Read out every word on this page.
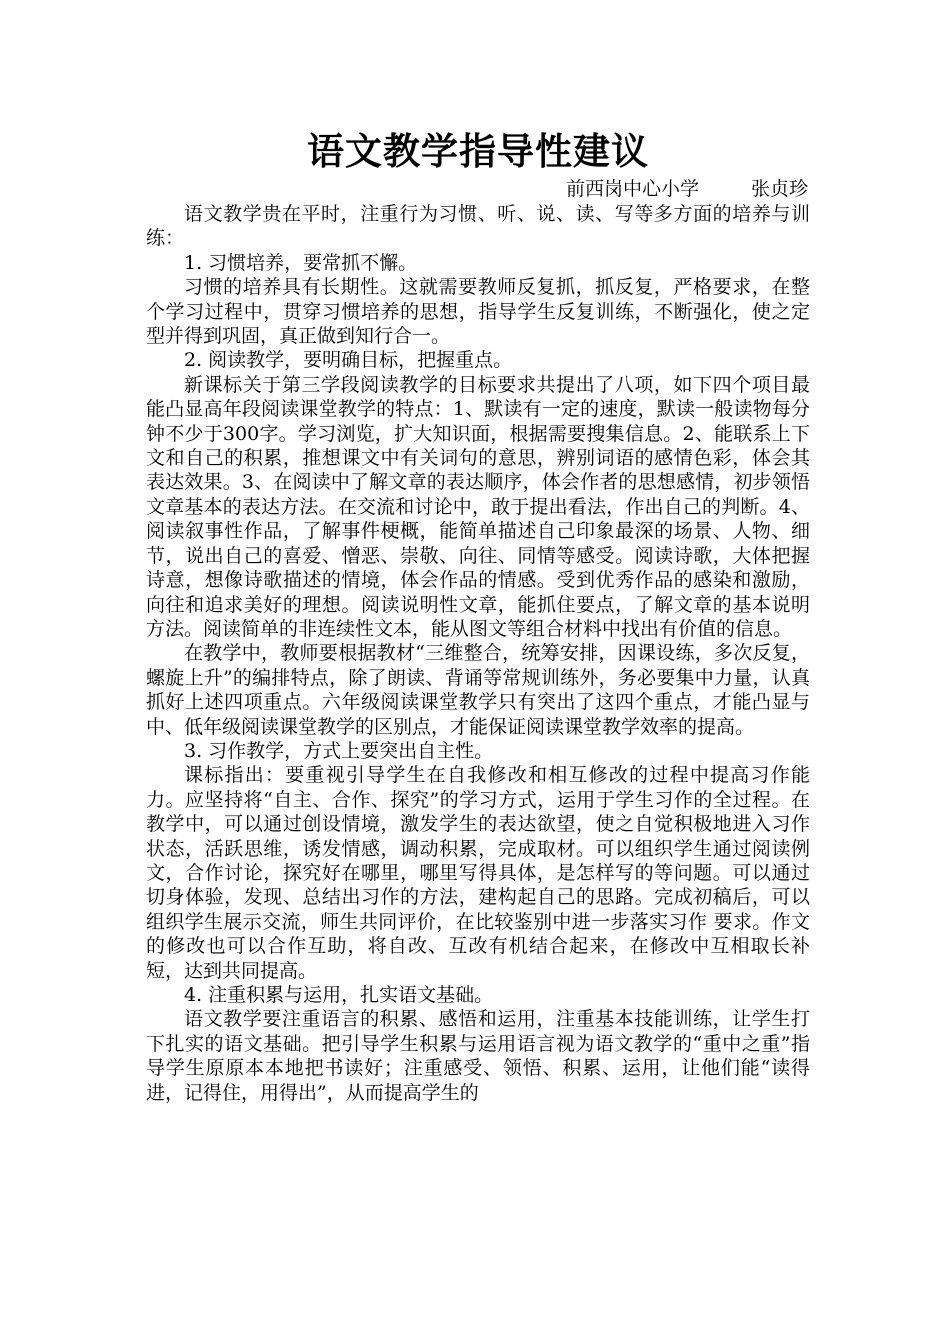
语文教学指导性建议

前西岗中心小学	张贞珍

语文教学贵在平时，注重行为习惯、听、说、读、写等多方面的培养与训练：

1. 习惯培养，要常抓不懈。

习惯的培养具有长期性。这就需要教师反复抓，抓反复，严格要求，在整个学习过程中，贯穿习惯培养的思想，指导学生反复训练，不断强化，使之定型并得到巩固，真正做到知行合一。

2. 阅读教学，要明确目标，把握重点。

新课标关于第三学段阅读教学的目标要求共提出了八项，如下四个项目最能凸显高年段阅读课堂教学的特点：1、默读有一定的速度，默读一般读物每分钟不少于300字。学习浏览，扩大知识面，根据需要搜集信息。2、能联系上下文和自己的积累，推想课文中有关词句的意思，辨别词语的感情色彩，体会其表达效果。3、在阅读中了解文章的表达顺序，体会作者的思想感情，初步领悟文章基本的表达方法。在交流和讨论中，敢于提出看法，作出自己的判断。4、阅读叙事性作品，了解事件梗概，能简单描述自己印象最深的场景、人物、细节，说出自己的喜爱、憎恶、崇敬、向往、同情等感受。阅读诗歌，大体把握诗意，想像诗歌描述的情境，体会作品的情感。受到优秀作品的感染和激励，向往和追求美好的理想。阅读说明性文章，能抓住要点，了解文章的基本说明方法。阅读简单的非连续性文本，能从图文等组合材料中找出有价值的信息。

在教学中，教师要根据教材“三维整合，统筹安排，因课设练，多次反复，螺旋上升”的编排特点，除了朗读、背诵等常规训练外，务必要集中力量，认真抓好上述四项重点。六年级阅读课堂教学只有突出了这四个重点，才能凸显与中、低年级阅读课堂教学的区别点，才能保证阅读课堂教学效率的提高。

3. 习作教学，方式上要突出自主性。

课标指出：要重视引导学生在自我修改和相互修改的过程中提高习作能力。应坚持将“自主、合作、探究”的学习方式，运用于学生习作的全过程。在教学中，可以通过创设情境，激发学生的表达欲望，使之自觉积极地进入习作状态，活跃思维，诱发情感，调动积累，完成取材。可以组织学生通过阅读例文，合作讨论，探究好在哪里，哪里写得具体，是怎样写的等问题。可以通过切身体验，发现、总结出习作的方法，建构起自己的思路。完成初稿后，可以组织学生展示交流，师生共同评价，在比较鉴别中进一步落实习作 要求。作文的修改也可以合作互助，将自改、互改有机结合起来，在修改中互相取长补短，达到共同提高。

4. 注重积累与运用，扎实语文基础。

语文教学要注重语言的积累、感悟和运用，注重基本技能训练，让学生打下扎实的语文基础。把引导学生积累与运用语言视为语文教学的“重中之重”指导学生原原本本地把书读好；注重感受、领悟、积累、运用，让他们能“读得进，记得住，用得出”，从而提高学生的
